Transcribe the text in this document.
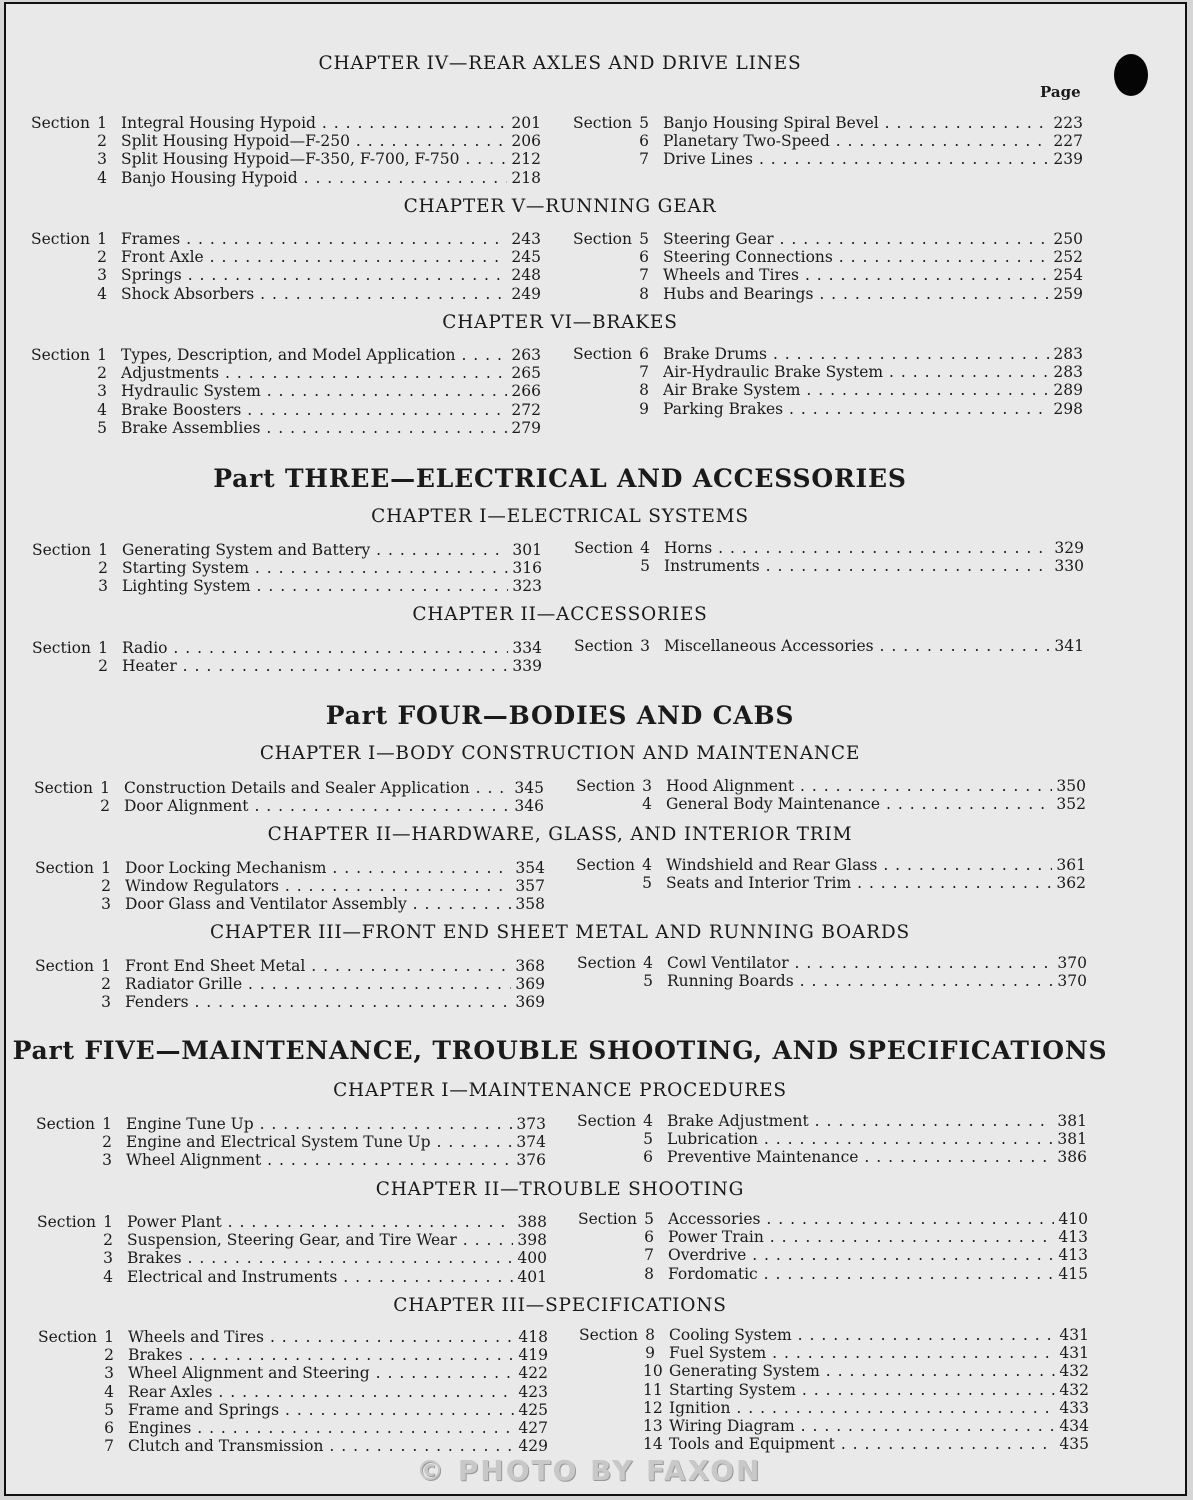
Page
CHAPTER IV—REAR AXLES AND DRIVE LINES
Section 1 Integral Housing Hypoid . . .	201
2 Split Housing Hypoid—F-250 . . .	206
3 Split Housing Hypoid—F-350, F-700, F-750 . . .	212
4 Banjo Housing Hypoid . . .	218
Section 5 Banjo Housing Spiral Bevel . . .	223
6 Planetary Two-Speed . . .	227
7 Drive Lines . . .	239
CHAPTER V—RUNNING GEAR
Section 1 Frames . . .	243
2 Front Axle . . .	245
3 Springs . . .	248
4 Shock Absorbers . . .	249
Section 5 Steering Gear . . .	250
6 Steering Connections . . .	252
7 Wheels and Tires . . .	254
8 Hubs and Bearings . . .	259
CHAPTER VI—BRAKES
Section 1 Types, Description, and Model Application . . .	263
2 Adjustments . . .	265
3 Hydraulic System . . .	266
4 Brake Boosters . . .	272
5 Brake Assemblies . . .	279
Section 6 Brake Drums . . .	283
7 Air-Hydraulic Brake System . . .	283
8 Air Brake System . . .	289
9 Parking Brakes . . .	298
Part THREE—ELECTRICAL AND ACCESSORIES
CHAPTER I—ELECTRICAL SYSTEMS
Section 1 Generating System and Battery . . .	301
2 Starting System . . .	316
3 Lighting System . . .	323
Section 4 Horns . . .	329
5 Instruments . . .	330
CHAPTER II—ACCESSORIES
Section 1 Radio . . .	334
2 Heater . . .	339
Section 3 Miscellaneous Accessories . . .	341
Part FOUR—BODIES AND CABS
CHAPTER I—BODY CONSTRUCTION AND MAINTENANCE
Section 1 Construction Details and Sealer Application . . .	345
2 Door Alignment . . .	346
Section 3 Hood Alignment . . .	350
4 General Body Maintenance . . .	352
CHAPTER II—HARDWARE, GLASS, AND INTERIOR TRIM
Section 1 Door Locking Mechanism . . .	354
2 Window Regulators . . .	357
3 Door Glass and Ventilator Assembly . . .	358
Section 4 Windshield and Rear Glass . . .	361
5 Seats and Interior Trim . . .	362
CHAPTER III—FRONT END SHEET METAL AND RUNNING BOARDS
Section 1 Front End Sheet Metal . . .	368
2 Radiator Grille . . .	369
3 Fenders . . .	369
Section 4 Cowl Ventilator . . .	370
5 Running Boards . . .	370
Part FIVE—MAINTENANCE, TROUBLE SHOOTING, AND SPECIFICATIONS
CHAPTER I—MAINTENANCE PROCEDURES
Section 1 Engine Tune Up . . .	373
2 Engine and Electrical System Tune Up . . .	374
3 Wheel Alignment . . .	376
Section 4 Brake Adjustment . . .	381
5 Lubrication . . .	381
6 Preventive Maintenance . . .	386
CHAPTER II—TROUBLE SHOOTING
Section 1 Power Plant . . .	388
2 Suspension, Steering Gear, and Tire Wear . . .	398
3 Brakes . . .	400
4 Electrical and Instruments . . .	401
Section 5 Accessories . . .	410
6 Power Train . . .	413
7 Overdrive . . .	413
8 Fordomatic . . .	415
CHAPTER III—SPECIFICATIONS
Section 1 Wheels and Tires . . .	418
2 Brakes . . .	419
3 Wheel Alignment and Steering . . .	422
4 Rear Axles . . .	423
5 Frame and Springs . . .	425
6 Engines . . .	427
7 Clutch and Transmission . . .	429
Section 8 Cooling System . . .	431
9 Fuel System . . .	431
10 Generating System . . .	432
11 Starting System . . .	432
12 Ignition . . .	433
13 Wiring Diagram . . .	434
14 Tools and Equipment . . .	435
© PHOTO BY FAXON
